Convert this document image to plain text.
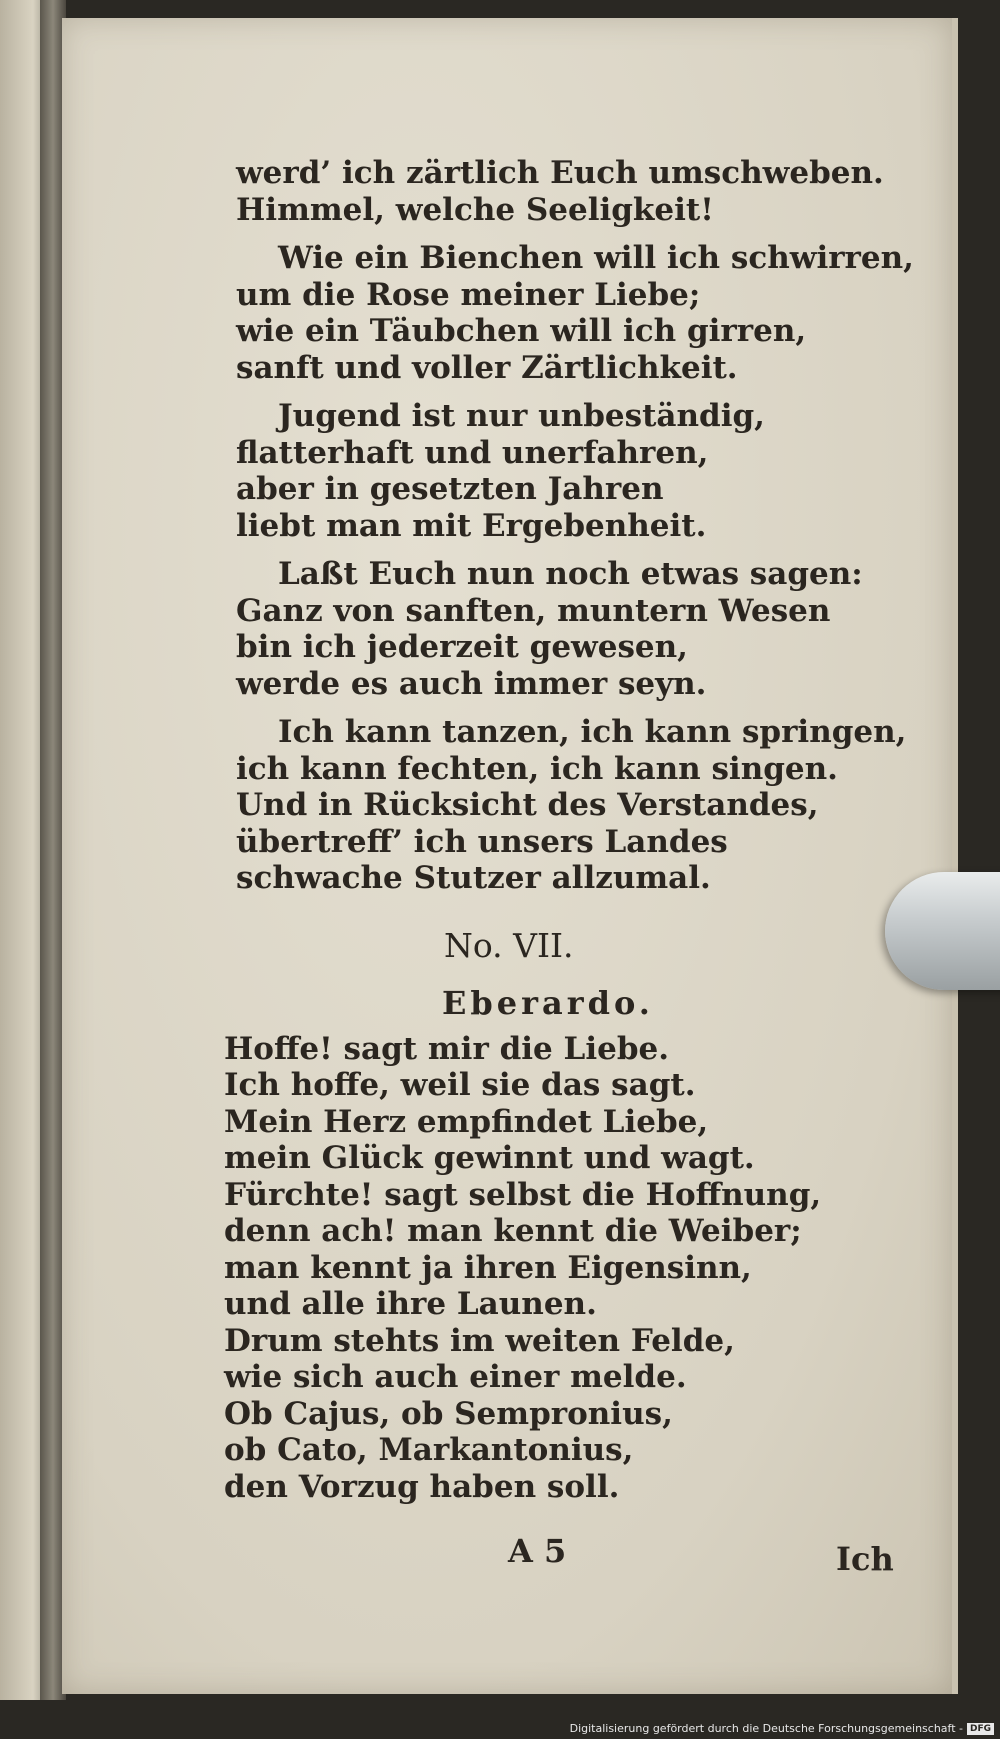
werd’ ich zärtlich Euch umschweben.
Himmel, welche Seeligkeit!
Wie ein Bienchen will ich schwirren,
um die Rose meiner Liebe;
wie ein Täubchen will ich girren,
sanft und voller Zärtlichkeit.
Jugend ist nur unbeständig,
flatterhaft und unerfahren,
aber in gesetzten Jahren
liebt man mit Ergebenheit.
Laßt Euch nun noch etwas sagen:
Ganz von sanften, muntern Wesen
bin ich jederzeit gewesen,
werde es auch immer seyn.
Ich kann tanzen, ich kann springen,
ich kann fechten, ich kann singen.
Und in Rücksicht des Verstandes,
übertreff’ ich unsers Landes
schwache Stutzer allzumal.
No. VII.
Eberardo.
Hoffe! sagt mir die Liebe.
Ich hoffe, weil sie das sagt.
Mein Herz empfindet Liebe,
mein Glück gewinnt und wagt.
Fürchte! sagt selbst die Hoffnung,
denn ach! man kennt die Weiber;
man kennt ja ihren Eigensinn,
und alle ihre Launen.
Drum stehts im weiten Felde,
wie sich auch einer melde.
Ob Cajus, ob Sempronius,
ob Cato, Markantonius,
den Vorzug haben soll.
A 5	Ich
Digitalisierung gefördert durch die Deutsche Forschungsgemeinschaft - DFG
